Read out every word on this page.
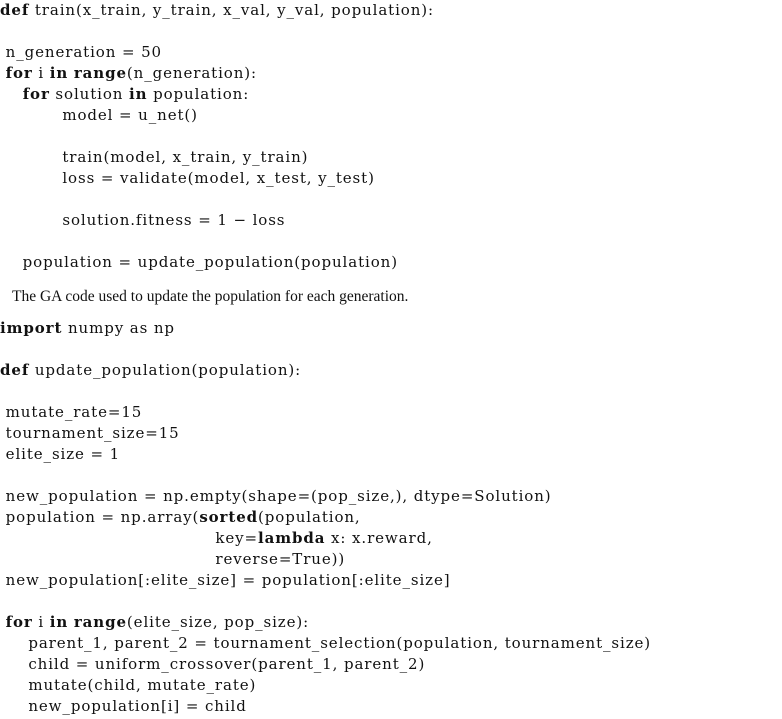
def train(x_train, y_train, x_val, y_val, population):
n_generation = 50
for i in range(n_generation):
for solution in population:
model = u_net()
train(model, x_train, y_train)
loss = validate(model, x_test, y_test)
solution.fitness = 1 − loss
population = update_population(population)

The GA code used to update the population for each generation.

import numpy as np
def update_population(population):
mutate_rate=15
tournament_size=15
elite_size = 1
new_population = np.empty(shape=(pop_size,), dtype=Solution)
population = np.array(sorted(population,
key=lambda x: x.reward,
reverse=True))
new_population[:elite_size] = population[:elite_size]
for i in range(elite_size, pop_size):
parent_1, parent_2 = tournament_selection(population, tournament_size)
child = uniform_crossover(parent_1, parent_2)
mutate(child, mutate_rate)
new_population[i] = child
